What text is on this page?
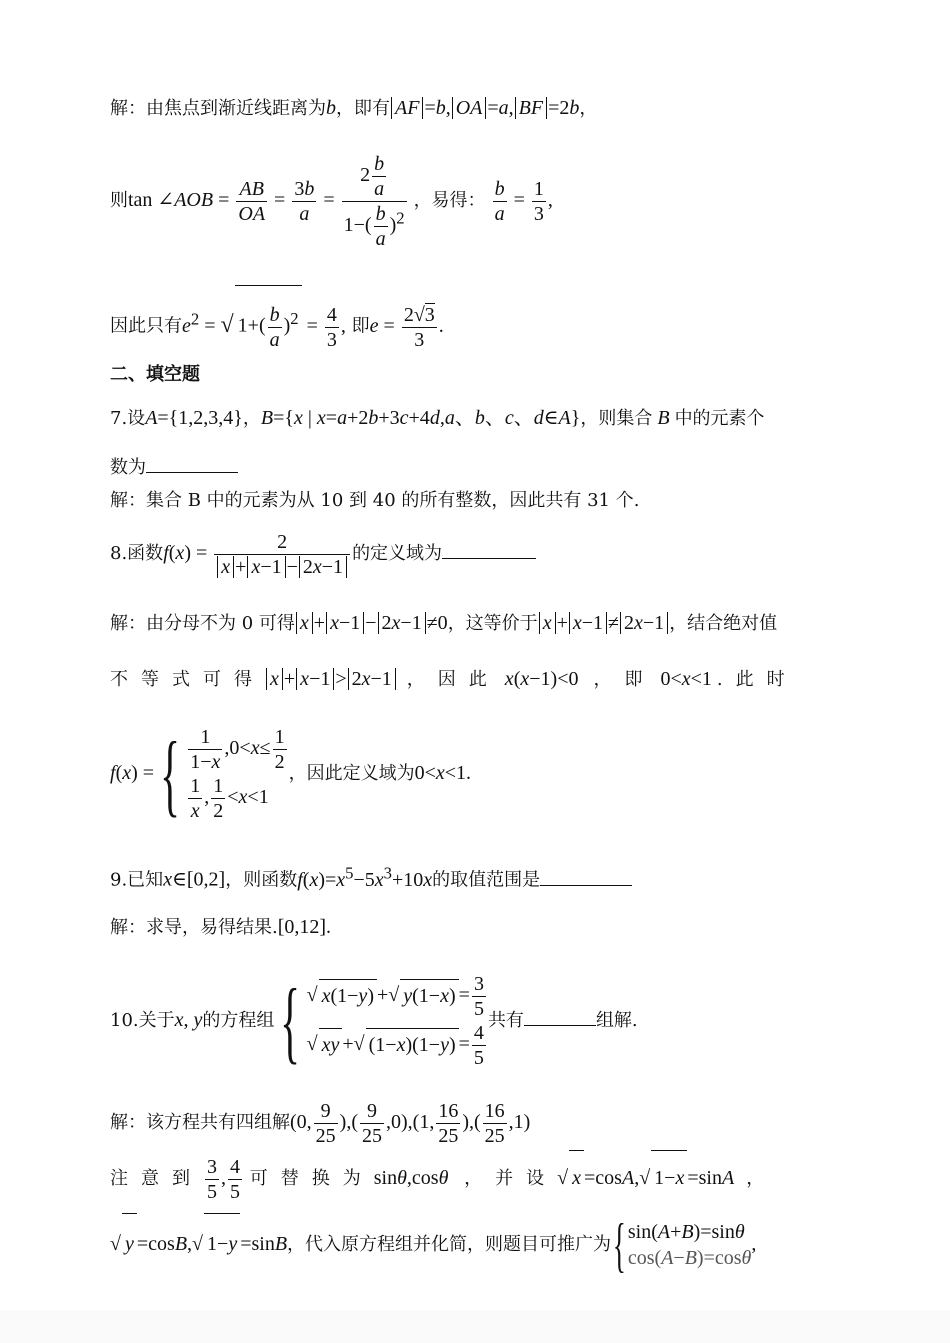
解：由焦点到渐近线距离为b，即有 AF =b, OA =a, BF =2b，
则tan ∠AOB = $\frac{AB}{OA} = \frac{3b}{a} = \frac{2 \frac{b}{a}}{1-( \frac{b}{a} )^2}$ ，易得： $\frac{b}{a} = \frac{1}{3}$ ,
因此只有$e^2$ = √ $1+( \frac{b}{a} )^2 = \frac{4}{3}$ , 即$e = \frac{2√3}{3}$ .
二、填空题
7.设A={1,2,3,4}，B={x | x=a+2b+3c+4d,a、b、c、d∈A}，则集合 B 中的元素个
数为
解：集合 B 中的元素为从 10 到 40 的所有整数，因此共有 31 个.
8.函数$f(x) = \frac{2}{x + x-1 - 2x-1}$ 的定义域为
解：由分母不为 0 可得 x + x−1 − 2x−1 ≠0，这等价于 x + x−1 ≠ 2x−1 ，结合绝对值
不等式可得 x + x−1 > 2x−1 ，因此 x(x−1)<0 ，即 0<x<1 .此时
f(x) ={ $\frac{1}{1-x} ,0<x\le \frac{1}{2}$
$\frac{1}{x}$ , $\frac{1}{2} <x<1$
，因此定义域为0<x<1.
9.已知x∈[0,2]，则函数$f(x)=x^5-5x^3+10x$的取值范围是
解：求导，易得结果.[0,12].
10.关于x, y的方程组{ √ x(1−y) +√ $y(1-x) = \frac{3}{5}$
√ xy +√ $(1-x)(1-y) = \frac{4}{5}$
共有	组解.
解：该方程共有四组解(0, $\frac{9}{25}$ ),( $\frac{9}{25} ,0),(1$, $\frac{16}{25}$ ),( $\frac{16}{25} ,1$)
注意到 $\frac{3}{5}$ , $\frac{4}{5}$ 可替换为sinθ,cosθ ，并设√ x =cosA,√ 1−x =sinA ，
√ y =cosB,√ 1−y =sinB，代入原方程组并化简，则题目可推广为{ sin(A+B)=sinθ
cos(A−B)=cosθ
,
